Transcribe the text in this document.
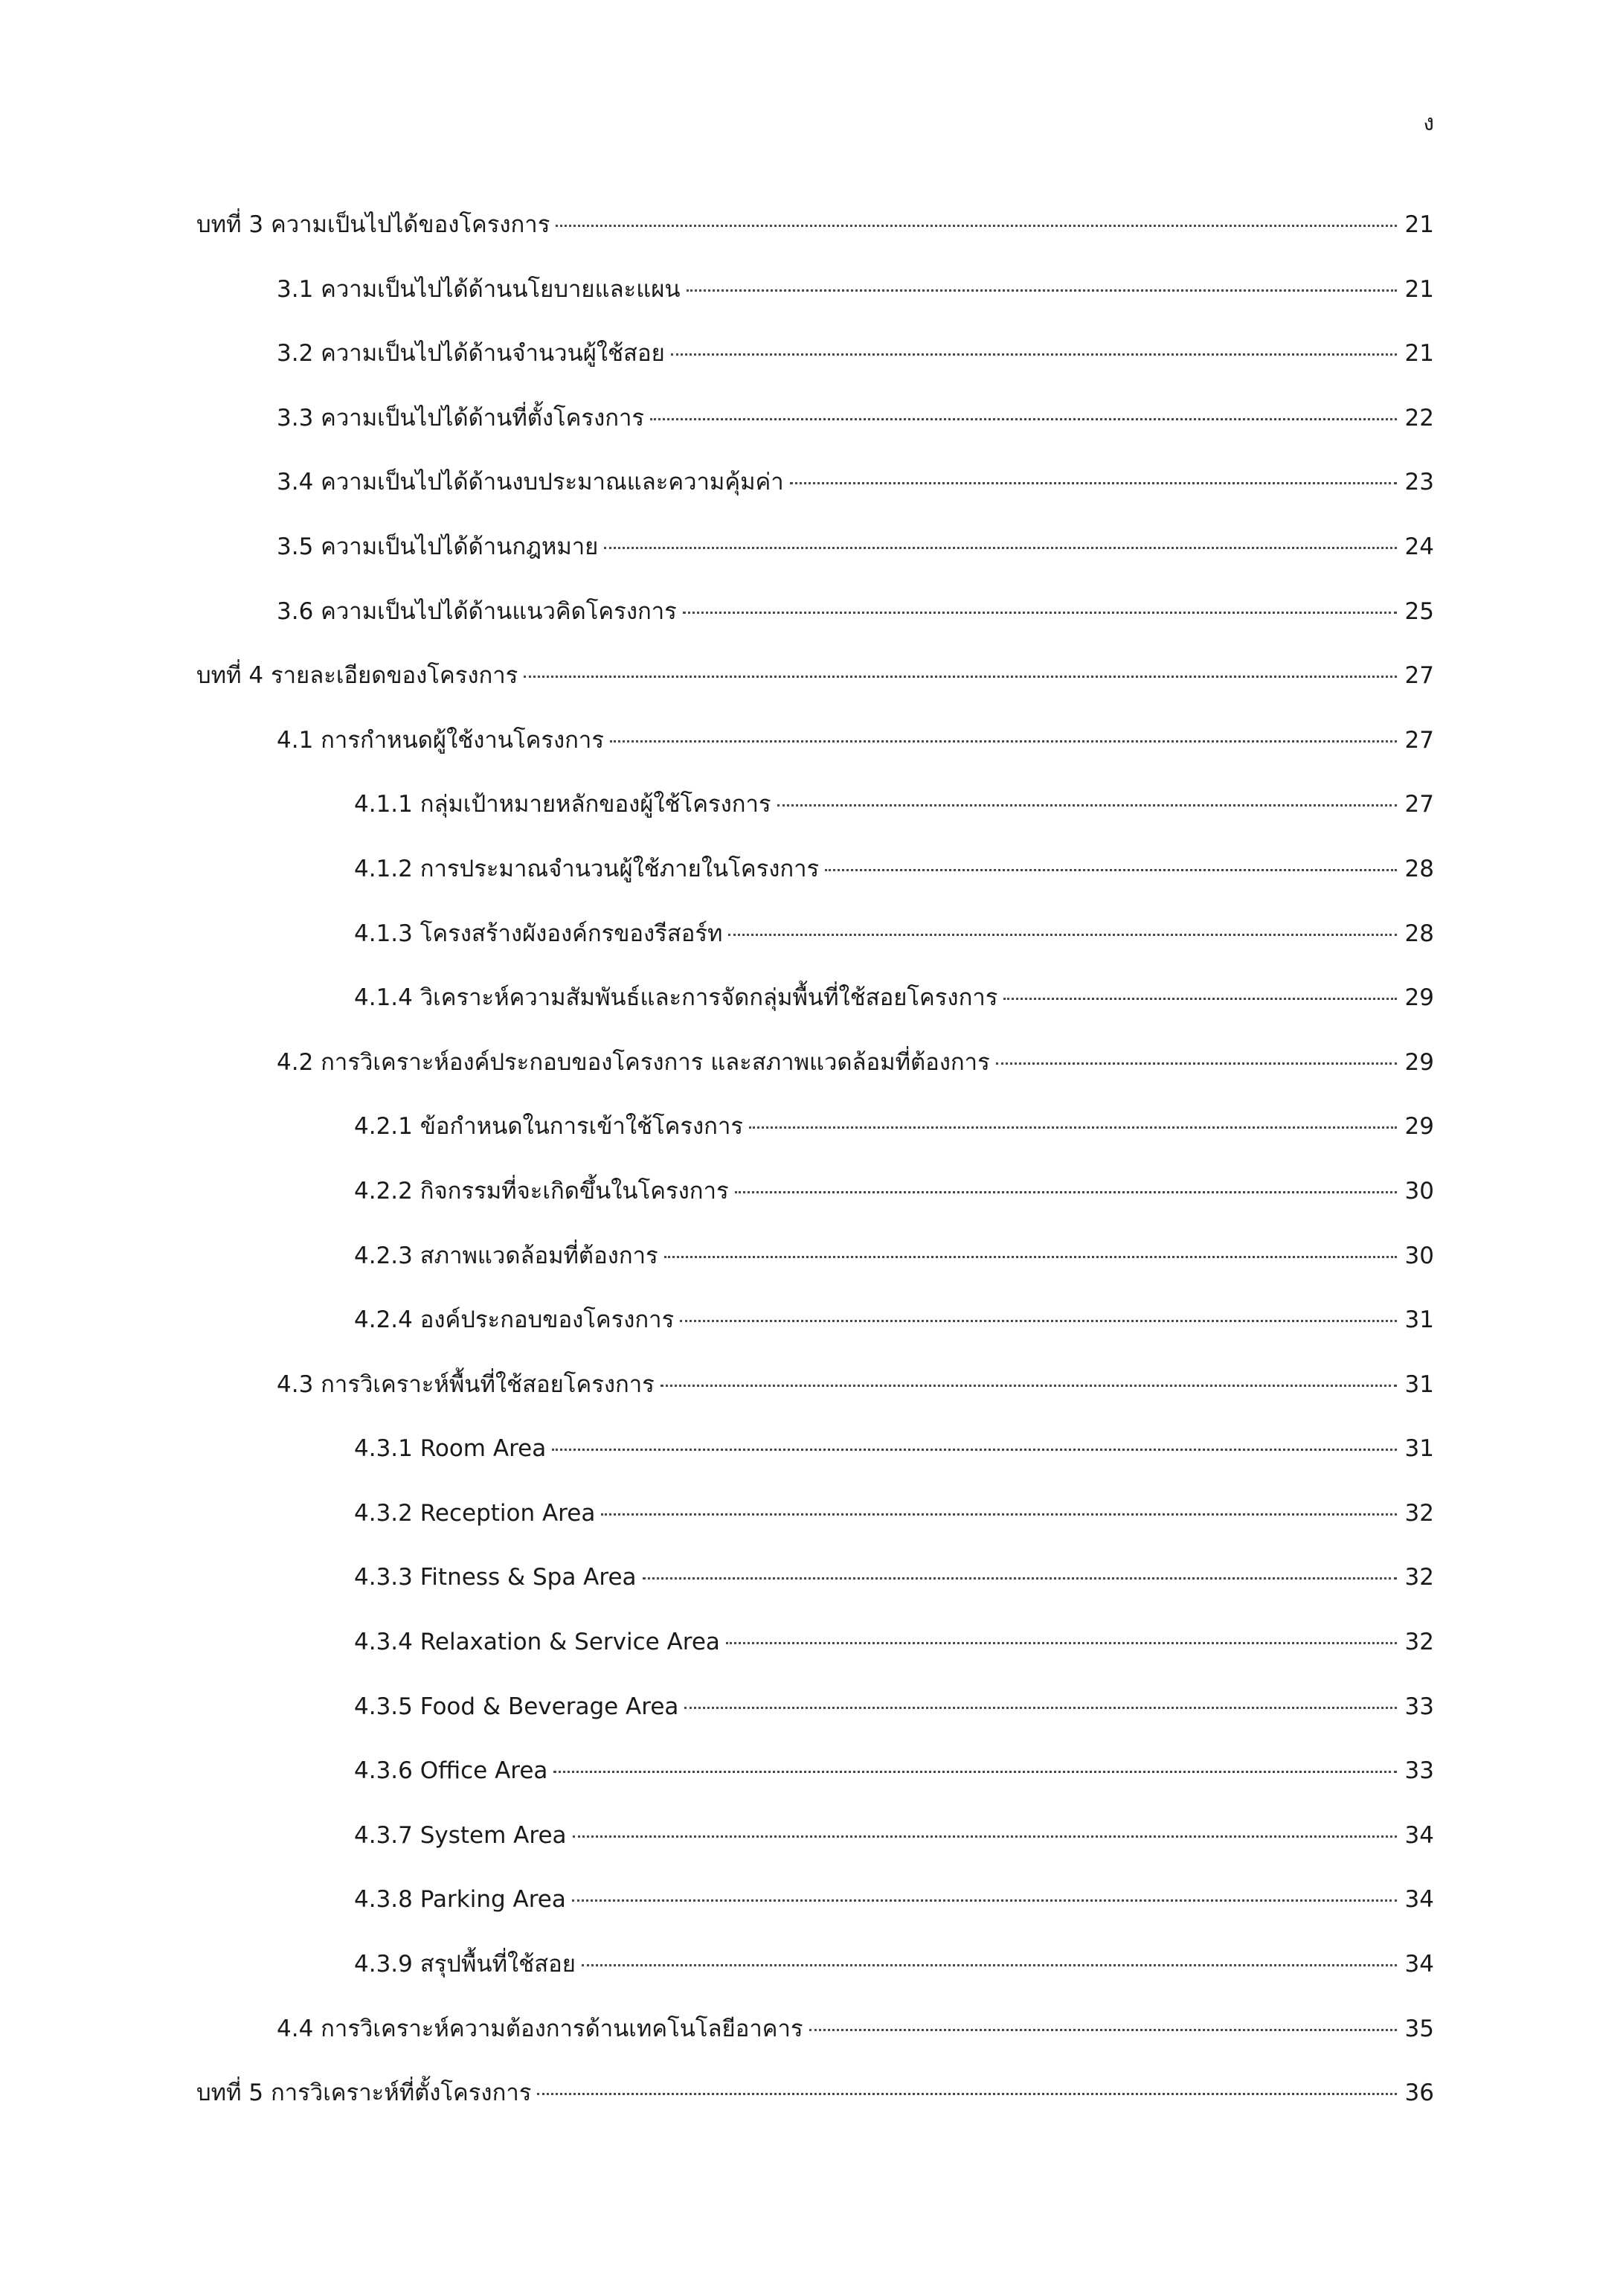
ง
บทที่ 3 ความเป็นไปได้ของโครงการ	21
3.1 ความเป็นไปได้ด้านนโยบายและแผน	21
3.2 ความเป็นไปได้ด้านจำนวนผู้ใช้สอย	21
3.3 ความเป็นไปได้ด้านที่ตั้งโครงการ	22
3.4 ความเป็นไปได้ด้านงบประมาณและความคุ้มค่า	23
3.5 ความเป็นไปได้ด้านกฎหมาย	24
3.6 ความเป็นไปได้ด้านแนวคิดโครงการ	25
บทที่ 4 รายละเอียดของโครงการ	27
4.1 การกำหนดผู้ใช้งานโครงการ	27
4.1.1 กลุ่มเป้าหมายหลักของผู้ใช้โครงการ	27
4.1.2 การประมาณจำนวนผู้ใช้ภายในโครงการ	28
4.1.3 โครงสร้างผังองค์กรของรีสอร์ท	28
4.1.4 วิเคราะห์ความสัมพันธ์และการจัดกลุ่มพื้นที่ใช้สอยโครงการ	29
4.2 การวิเคราะห์องค์ประกอบของโครงการ และสภาพแวดล้อมที่ต้องการ	29
4.2.1 ข้อกำหนดในการเข้าใช้โครงการ	29
4.2.2 กิจกรรมที่จะเกิดขึ้นในโครงการ	30
4.2.3 สภาพแวดล้อมที่ต้องการ	30
4.2.4 องค์ประกอบของโครงการ	31
4.3 การวิเคราะห์พื้นที่ใช้สอยโครงการ	31
4.3.1 Room Area	31
4.3.2 Reception Area	32
4.3.3 Fitness & Spa Area	32
4.3.4 Relaxation & Service Area	32
4.3.5 Food & Beverage Area	33
4.3.6 Office Area	33
4.3.7 System Area	34
4.3.8 Parking Area	34
4.3.9 สรุปพื้นที่ใช้สอย	34
4.4 การวิเคราะห์ความต้องการด้านเทคโนโลยีอาคาร	35
บทที่ 5 การวิเคราะห์ที่ตั้งโครงการ	36
